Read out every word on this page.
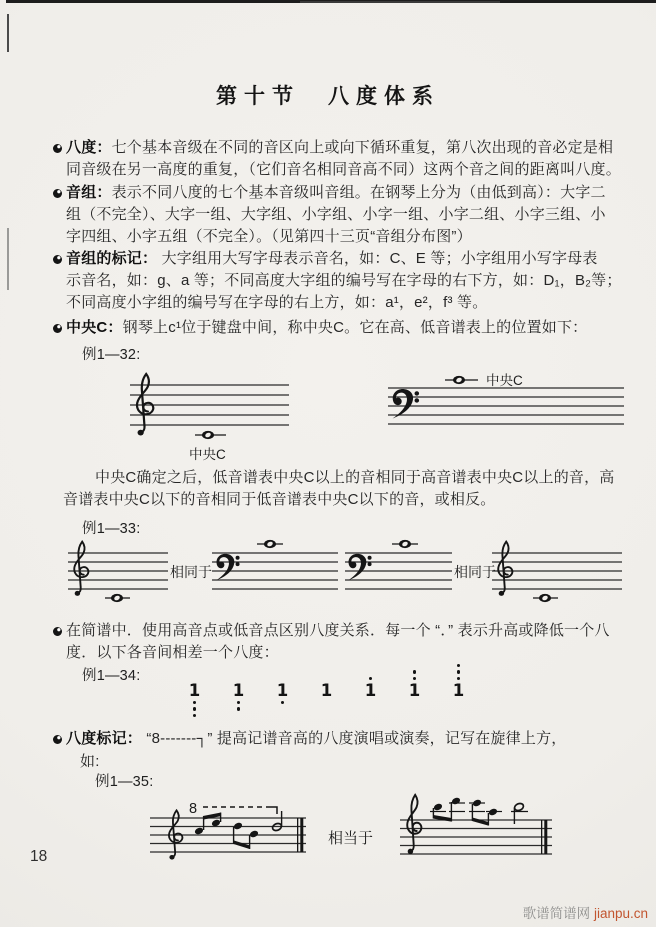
第十节　八度体系
八度：七个基本音级在不同的音区向上或向下循环重复，第八次出现的音必定是相
同音级在另一高度的重复，（它们音名相同音高不同）这两个音之间的距离叫八度。
音组：表示不同八度的七个基本音级叫音组。在钢琴上分为（由低到高）：大字二
组（不完全）、大字一组、大字组、小字组、小字一组、小字二组、小字三组、小
字四组、小字五组（不完全）。（见第四十三页“音组分布图”）
音组的标记： 大字组用大写字母表示音名，如：C、E 等；小字组用小写字母表
示音名，如：g、a 等；不同高度大字组的编号写在字母的右下方，如：D₁，B₂等；
不同高度小字组的编号写在字母的右上方，如：a¹，e²，f³ 等。
中央C：钢琴上c¹位于键盘中间，称中央C。它在高、低音谱表上的位置如下：
例1—32:
中央C
中央C
中央C确定之后，低音谱表中央C以上的音相同于高音谱表中央C以上的音，高
音谱表中央C以下的音相同于低音谱表中央C以下的音，或相反。
例1—33:
相同于	相同于
在简谱中．使用高音点或低音点区别八度关系．每一个 “．” 表示升高或降低一个八
度．以下各音间相差一个八度：
例1—34:
1 1 1 1 1 1 1
八度标记： “8-------┐” 提高记谱音高的八度演唱或演奏，记写在旋律上方，
如:
例1—35:
8
相当于
18
歌谱简谱网 jianpu.cn
